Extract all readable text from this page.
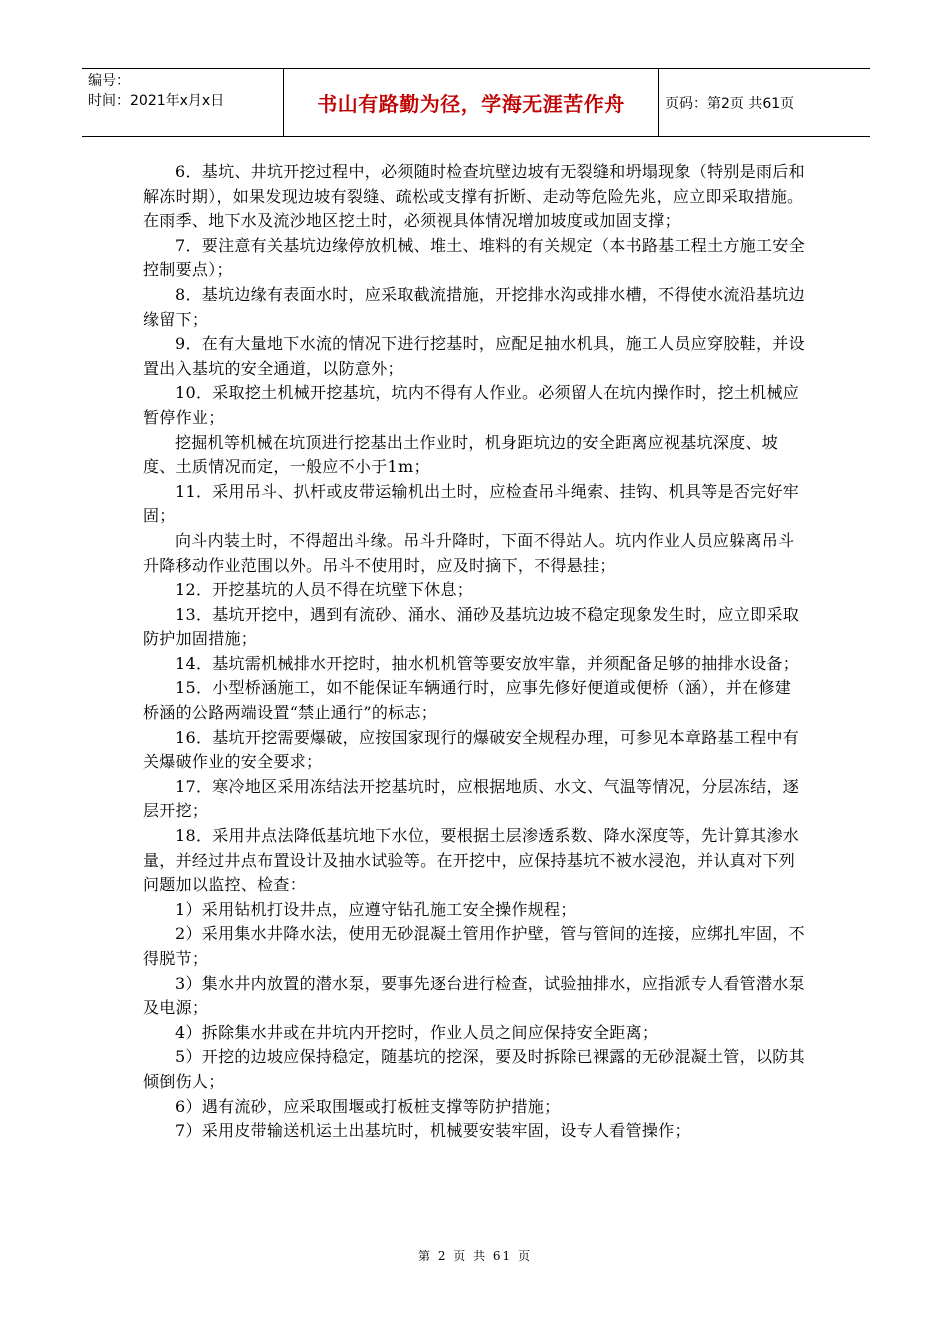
编号：
时间：2021年x月x日	书山有路勤为径，学海无涯苦作舟	页码：第2页 共61页

6．基坑、井坑开挖过程中，必须随时检查坑壁边坡有无裂缝和坍塌现象（特别是雨后和解冻时期），如果发现边坡有裂缝、疏松或支撑有折断、走动等危险先兆，应立即采取措施。在雨季、地下水及流沙地区挖土时，必须视具体情况增加坡度或加固支撑；

7．要注意有关基坑边缘停放机械、堆土、堆料的有关规定（本书路基工程土方施工安全控制要点）；

8．基坑边缘有表面水时，应采取截流措施，开挖排水沟或排水槽，不得使水流沿基坑边缘留下；

9．在有大量地下水流的情况下进行挖基时，应配足抽水机具，施工人员应穿胶鞋，并设置出入基坑的安全通道，以防意外；

10．采取挖土机械开挖基坑，坑内不得有人作业。必须留人在坑内操作时，挖土机械应暂停作业；

挖掘机等机械在坑顶进行挖基出土作业时，机身距坑边的安全距离应视基坑深度、坡度、土质情况而定，一般应不小于1m；

11．采用吊斗、扒杆或皮带运输机出土时，应检查吊斗绳索、挂钩、机具等是否完好牢固；

向斗内装土时，不得超出斗缘。吊斗升降时，下面不得站人。坑内作业人员应躲离吊斗升降移动作业范围以外。吊斗不使用时，应及时摘下，不得悬挂；

12．开挖基坑的人员不得在坑壁下休息；

13．基坑开挖中，遇到有流砂、涌水、涌砂及基坑边坡不稳定现象发生时，应立即采取防护加固措施；

14．基坑需机械排水开挖时，抽水机机管等要安放牢靠，并须配备足够的抽排水设备；

15．小型桥涵施工，如不能保证车辆通行时，应事先修好便道或便桥（涵），并在修建桥涵的公路两端设置“禁止通行”的标志；

16．基坑开挖需要爆破，应按国家现行的爆破安全规程办理，可参见本章路基工程中有关爆破作业的安全要求；

17．寒冷地区采用冻结法开挖基坑时，应根据地质、水文、气温等情况，分层冻结，逐层开挖；

18．采用井点法降低基坑地下水位，要根据土层渗透系数、降水深度等，先计算其渗水量，并经过井点布置设计及抽水试验等。在开挖中，应保持基坑不被水浸泡，并认真对下列问题加以监控、检查：

1）采用钻机打设井点，应遵守钻孔施工安全操作规程；

2）采用集水井降水法，使用无砂混凝土管用作护壁，管与管间的连接，应绑扎牢固，不得脱节；

3）集水井内放置的潜水泵，要事先逐台进行检查，试验抽排水，应指派专人看管潜水泵及电源；

4）拆除集水井或在井坑内开挖时，作业人员之间应保持安全距离；

5）开挖的边坡应保持稳定，随基坑的挖深，要及时拆除已裸露的无砂混凝土管，以防其倾倒伤人；

6）遇有流砂，应采取围堰或打板桩支撑等防护措施；

7）采用皮带输送机运土出基坑时，机械要安装牢固，设专人看管操作；

第 2 页 共 61 页
